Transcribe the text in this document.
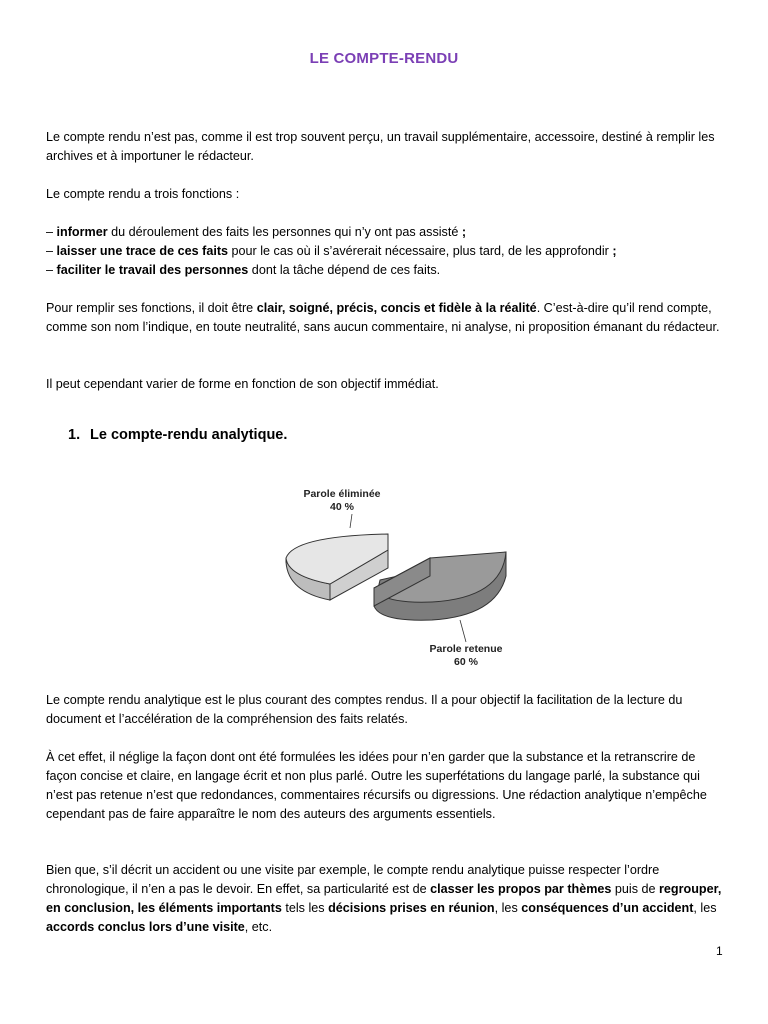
LE COMPTE-RENDU
Le compte rendu n’est pas, comme il est trop souvent perçu, un travail supplémentaire, accessoire, destiné à remplir les archives et à importuner le rédacteur.
Le compte rendu a trois fonctions :
– informer du déroulement des faits les personnes qui n’y ont pas assisté ;
– laisser une trace de ces faits pour le cas où il s’avérerait nécessaire, plus tard, de les approfondir ;
– faciliter le travail des personnes dont la tâche dépend de ces faits.
Pour remplir ses fonctions, il doit être clair, soigné, précis, concis et fidèle à la réalité. C’est-à-dire qu’il rend compte, comme son nom l’indique, en toute neutralité, sans aucun commentaire, ni analyse, ni proposition émanant du rédacteur.
Il peut cependant varier de forme en fonction de son objectif immédiat.
1. Le compte-rendu analytique.
Parole éliminée
40 %
Parole retenue
60 %
Le compte rendu analytique est le plus courant des comptes rendus. Il a pour objectif la facilitation de la lecture du document et l’accélération de la compréhension des faits relatés.
À cet effet, il néglige la façon dont ont été formulées les idées pour n’en garder que la substance et la retranscrire de façon concise et claire, en langage écrit et non plus parlé. Outre les superfétations du langage parlé, la substance qui n’est pas retenue n’est que redondances, commentaires récursifs ou digressions. Une rédaction analytique n’empêche cependant pas de faire apparaître le nom des auteurs des arguments essentiels.
Bien que, s’il décrit un accident ou une visite par exemple, le compte rendu analytique puisse respecter l’ordre chronologique, il n’en a pas le devoir. En effet, sa particularité est de classer les propos par thèmes puis de regrouper, en conclusion, les éléments importants tels les décisions prises en réunion, les conséquences d’un accident, les accords conclus lors d’une visite, etc.
1
